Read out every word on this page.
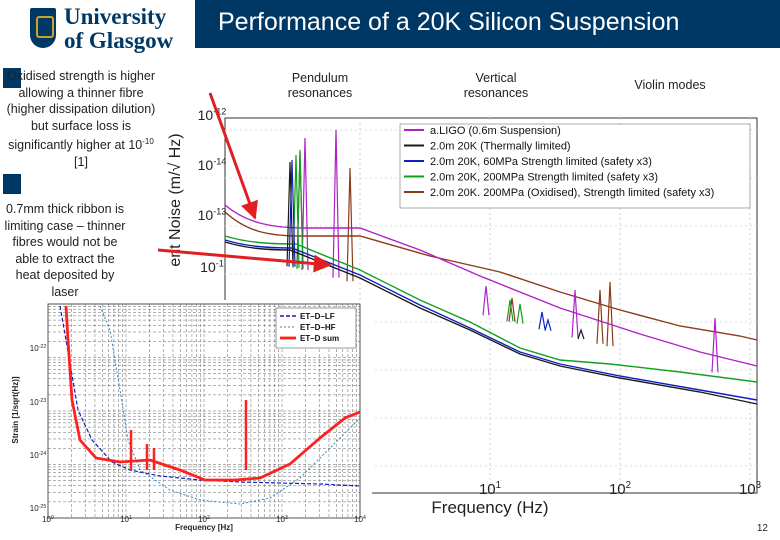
University
of Glasgow
Performance of a 20K Silicon Suspension
Oxidised strength is higher allowing a thinner fibre (higher dissipation dilution) but surface loss is significantly higher at $10^{-10}$ [1]
0.7mm thick ribbon is limiting case – thinner fibres would not be able to extract the heat deposited by laser
Pendulum resonances
Vertical resonances
Violin modes
a.LIGO (0.6m Suspension)
2.0m 20K (Thermally limited)
2.0m 20K, 60MPa Strength limited (safety x3)
2.0m 20K, 200MPa Strength limited (safety x3)
2.0m 20K. 200MPa (Oxidised), Strength limited (safety x3)
$10^1$	$10^2$	$10^3$
$10^{-12}$
$10^{-14}$
$10^{-13}$
$10^{-1}$
ent Noise (m/√ Hz)
Frequency (Hz)
ET–D–LF
ET–D–HF
ET–D sum
$10^0$	$10^1$	$10^2$	$10^3$	$10^4$
$10^{-22}$
$10^{-23}$
$10^{-24}$
$10^{-25}$
Strain [1/sqrt(Hz)]
Frequency [Hz]	12
